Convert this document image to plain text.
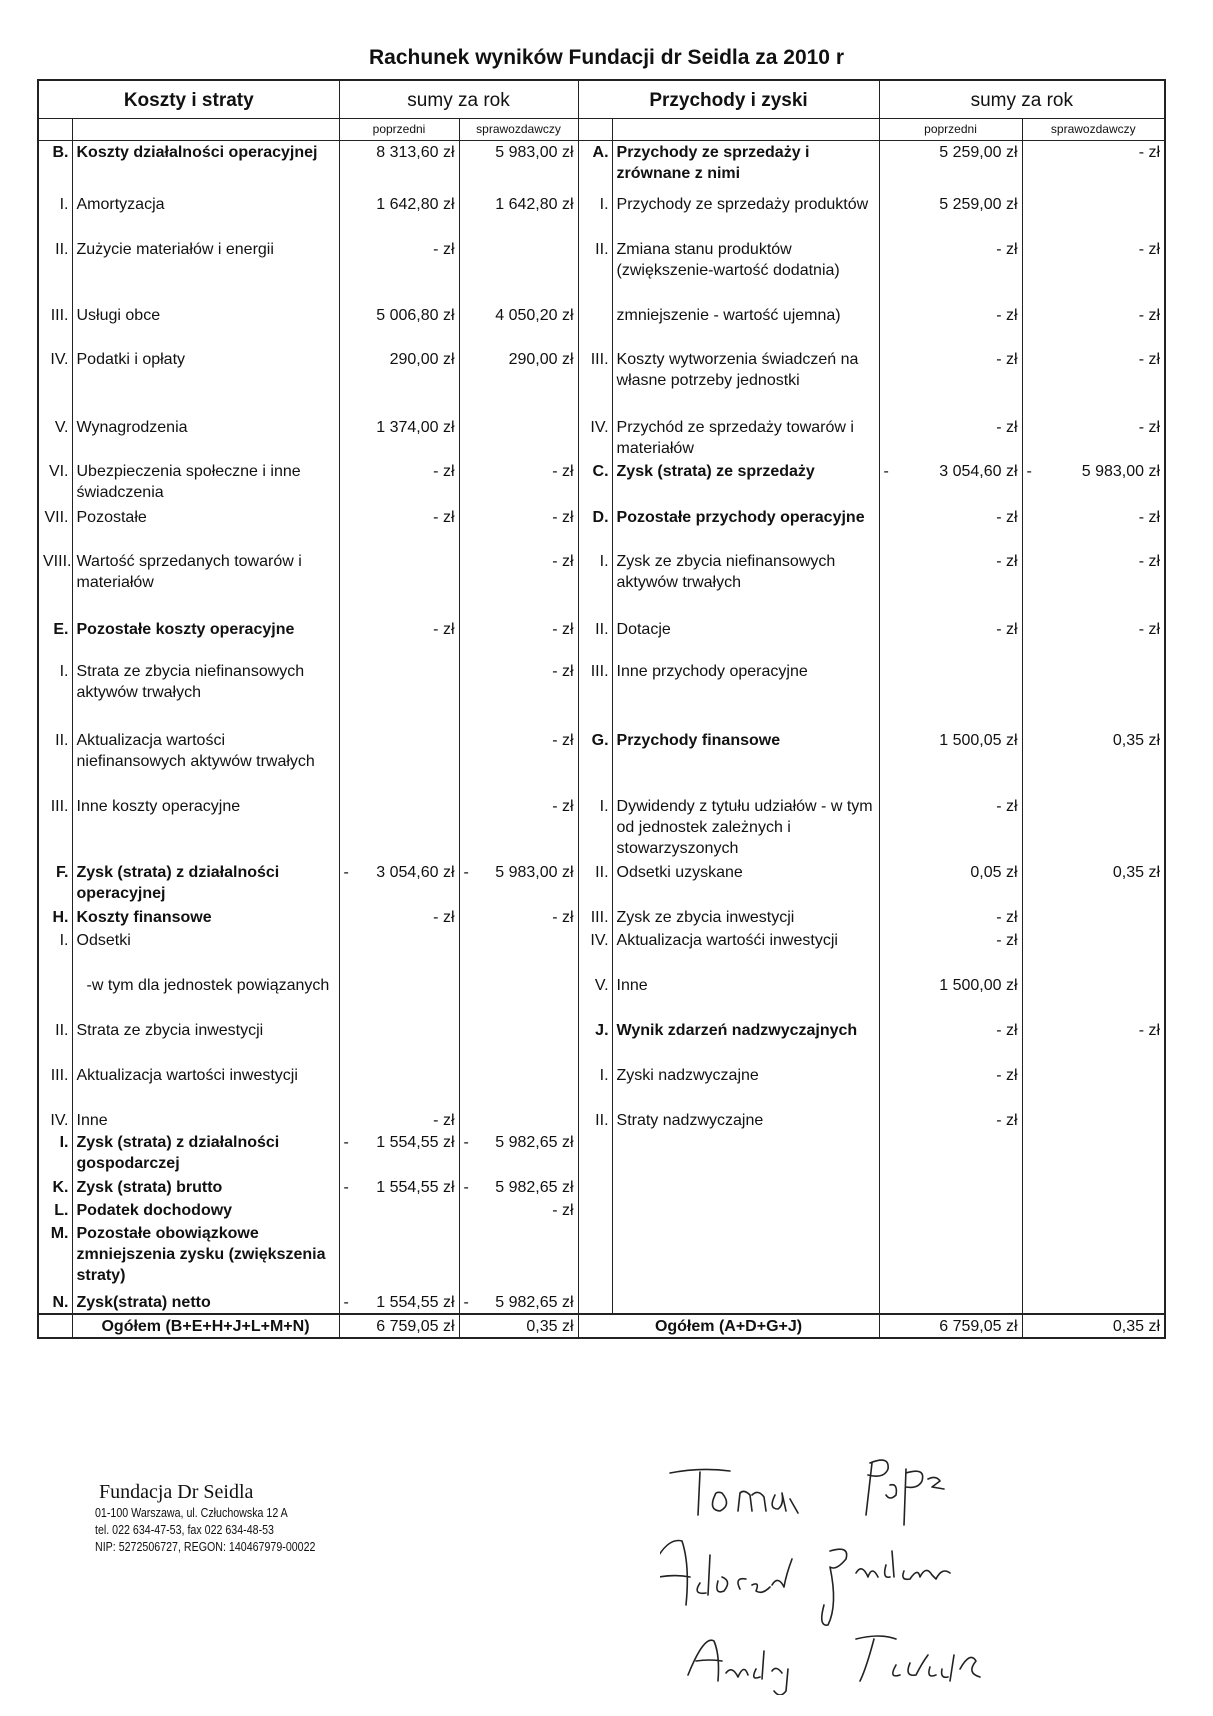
Rachunek wyników Fundacji dr Seidla za 2010 r
Koszty i straty		sumy za rok		Przychody i zyski		sumy za rok	
		poprzedni	sprawozdawczy			poprzedni	sprawozdawczy
B.	Koszty działalności operacyjnej	8 313,60 zł	5 983,00 zł	A.	Przychody ze sprzedaży i zrównane z nimi	5 259,00 zł	- zł
I.	Amortyzacja	1 642,80 zł	1 642,80 zł	I.	Przychody ze sprzedaży produktów	5 259,00 zł	
II.	Zużycie materiałów i energii	- zł		II.	Zmiana stanu produktów (zwiększenie-wartość dodatnia)	- zł	- zł
III.	Usługi obce	5 006,80 zł	4 050,20 zł		zmniejszenie - wartość ujemna)	- zł	- zł
IV.	Podatki i opłaty	290,00 zł	290,00 zł	III.	Koszty wytworzenia świadczeń na własne potrzeby jednostki	- zł	- zł
V.	Wynagrodzenia	1 374,00 zł		IV.	Przychód ze sprzedaży towarów i materiałów	- zł	- zł
VI.	Ubezpieczenia społeczne i inne świadczenia	- zł	- zł	C.	Zysk (strata) ze sprzedaży	- 3 054,60 zł	- 5 983,00 zł
VII.	Pozostałe	- zł	- zł	D.	Pozostałe przychody operacyjne	- zł	- zł
VIII.	Wartość sprzedanych towarów i materiałów		- zł	I.	Zysk ze zbycia niefinansowych aktywów trwałych	- zł	- zł
E.	Pozostałe koszty operacyjne	- zł	- zł	II.	Dotacje	- zł	- zł
I.	Strata ze zbycia niefinansowych aktywów trwałych		- zł	III.	Inne przychody operacyjne		
II.	Aktualizacja wartości niefinansowych aktywów trwałych		- zł	G.	Przychody finansowe	1 500,05 zł	0,35 zł
III.	Inne koszty operacyjne		- zł	I.	Dywidendy z tytułu udziałów - w tym od jednostek zależnych i stowarzyszonych	- zł	
F.	Zysk (strata) z działalności operacyjnej	- 3 054,60 zł	- 5 983,00 zł	II.	Odsetki uzyskane	0,05 zł	0,35 zł
H.	Koszty finansowe	- zł	- zł	III.	Zysk ze zbycia inwestycji	- zł	
I.	Odsetki			IV.	Aktualizacja wartośći inwestycji	- zł	
	-w tym dla jednostek powiązanych			V.	Inne	1 500,00 zł	
II.	Strata ze zbycia inwestycji			J.	Wynik zdarzeń nadzwyczajnych	- zł	- zł
III.	Aktualizacja wartości inwestycji			I.	Zyski nadzwyczajne	- zł	
IV.	Inne	- zł		II.	Straty nadzwyczajne	- zł	
I.	Zysk (strata) z działalności gospodarczej	- 1 554,55 zł	- 5 982,65 zł				
K.	Zysk (strata) brutto	- 1 554,55 zł	- 5 982,65 zł				
L.	Podatek dochodowy		- zł				
M.	Pozostałe obowiązkowe zmniejszenia zysku (zwiększenia straty)						
N.	Zysk(strata) netto	- 1 554,55 zł	- 5 982,65 zł				
	Ogółem (B+E+H+J+L+M+N)	6 759,05 zł	0,35 zł	Ogółem (A+D+G+J)		6 759,05 zł	0,35 zł
Fundacja Dr Seidla
01-100 Warszawa, ul. Człuchowska 12 A
tel. 022 634-47-53, fax 022 634-48-53
NIP: 5272506727, REGON: 140467979-00022
